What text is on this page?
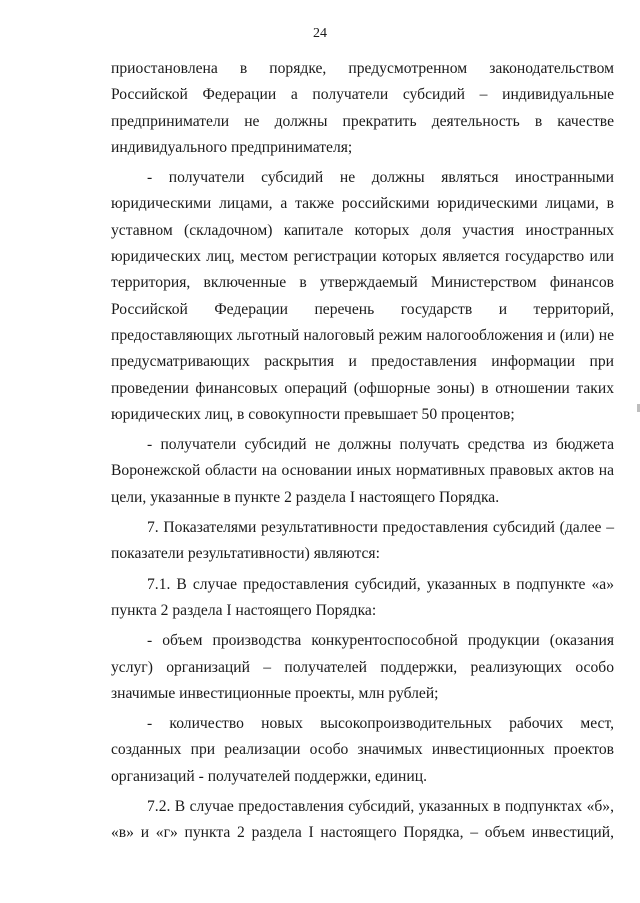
24

приостановлена в порядке, предусмотренном законодательством Российской Федерации а получатели субсидий – индивидуальные предприниматели не должны прекратить деятельность в качестве индивидуального предпринимателя;

- получатели субсидий не должны являться иностранными юридическими лицами, а также российскими юридическими лицами, в уставном (складочном) капитале которых доля участия иностранных юридических лиц, местом регистрации которых является государство или территория, включенные в утверждаемый Министерством финансов Российской Федерации перечень государств и территорий, предоставляющих льготный налоговый режим налогообложения и (или) не предусматривающих раскрытия и предоставления информации при проведении финансовых операций (офшорные зоны) в отношении таких юридических лиц, в совокупности превышает 50 процентов;

- получатели субсидий не должны получать средства из бюджета Воронежской области на основании иных нормативных правовых актов на цели, указанные в пункте 2 раздела I настоящего Порядка.

7. Показателями результативности предоставления субсидий (далее – показатели результативности) являются:

7.1. В случае предоставления субсидий, указанных в подпункте «а» пункта 2 раздела I настоящего Порядка:

- объем производства конкурентоспособной продукции (оказания услуг) организаций – получателей поддержки, реализующих особо значимые инвестиционные проекты, млн рублей;

- количество новых высокопроизводительных рабочих мест, созданных при реализации особо значимых инвестиционных проектов организаций - получателей поддержки, единиц.

7.2. В случае предоставления субсидий, указанных в подпунктах «б», «в» и «г» пункта 2 раздела I настоящего Порядка, – объем инвестиций,
